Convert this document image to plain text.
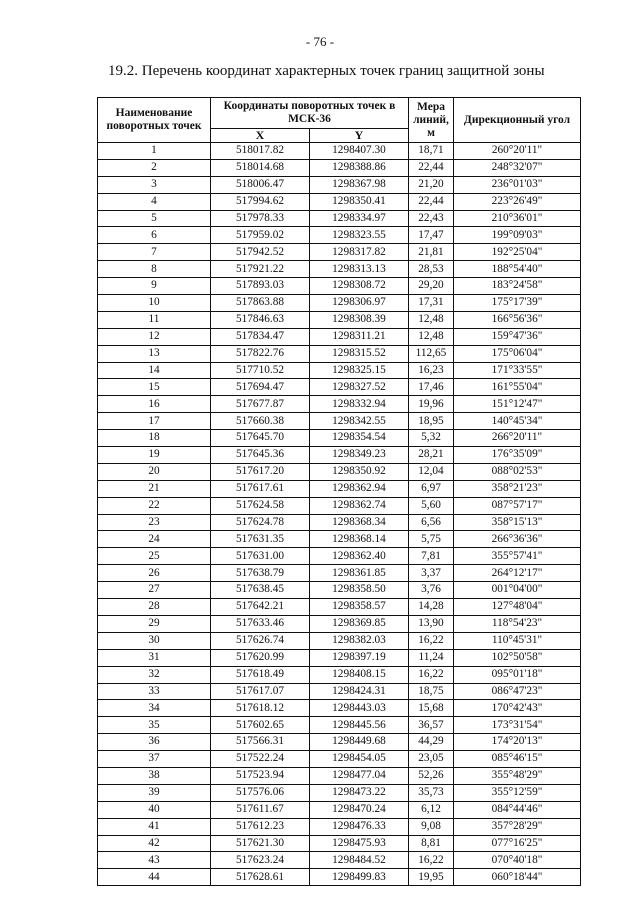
- 76 -
19.2. Перечень координат характерных точек границ защитной зоны
Наименование поворотных точек	Координаты поворотных точек в МСК-36		Мера линий, м	Дирекционный угол
	X	Y		
1	518017.82	1298407.30	18,71	260°20'11"
2	518014.68	1298388.86	22,44	248°32'07"
3	518006.47	1298367.98	21,20	236°01'03"
4	517994.62	1298350.41	22,44	223°26'49"
5	517978.33	1298334.97	22,43	210°36'01"
6	517959.02	1298323.55	17,47	199°09'03"
7	517942.52	1298317.82	21,81	192°25'04"
8	517921.22	1298313.13	28,53	188°54'40"
9	517893.03	1298308.72	29,20	183°24'58"
10	517863.88	1298306.97	17,31	175°17'39"
11	517846.63	1298308.39	12,48	166°56'36"
12	517834.47	1298311.21	12,48	159°47'36"
13	517822.76	1298315.52	112,65	175°06'04"
14	517710.52	1298325.15	16,23	171°33'55"
15	517694.47	1298327.52	17,46	161°55'04"
16	517677.87	1298332.94	19,96	151°12'47"
17	517660.38	1298342.55	18,95	140°45'34"
18	517645.70	1298354.54	5,32	266°20'11"
19	517645.36	1298349.23	28,21	176°35'09"
20	517617.20	1298350.92	12,04	088°02'53"
21	517617.61	1298362.94	6,97	358°21'23"
22	517624.58	1298362.74	5,60	087°57'17"
23	517624.78	1298368.34	6,56	358°15'13"
24	517631.35	1298368.14	5,75	266°36'36"
25	517631.00	1298362.40	7,81	355°57'41"
26	517638.79	1298361.85	3,37	264°12'17"
27	517638.45	1298358.50	3,76	001°04'00"
28	517642.21	1298358.57	14,28	127°48'04"
29	517633.46	1298369.85	13,90	118°54'23"
30	517626.74	1298382.03	16,22	110°45'31"
31	517620.99	1298397.19	11,24	102°50'58"
32	517618.49	1298408.15	16,22	095°01'18"
33	517617.07	1298424.31	18,75	086°47'23"
34	517618.12	1298443.03	15,68	170°42'43"
35	517602.65	1298445.56	36,57	173°31'54"
36	517566.31	1298449.68	44,29	174°20'13"
37	517522.24	1298454.05	23,05	085°46'15"
38	517523.94	1298477.04	52,26	355°48'29"
39	517576.06	1298473.22	35,73	355°12'59"
40	517611.67	1298470.24	6,12	084°44'46"
41	517612.23	1298476.33	9,08	357°28'29"
42	517621.30	1298475.93	8,81	077°16'25"
43	517623.24	1298484.52	16,22	070°40'18"
44	517628.61	1298499.83	19,95	060°18'44"
